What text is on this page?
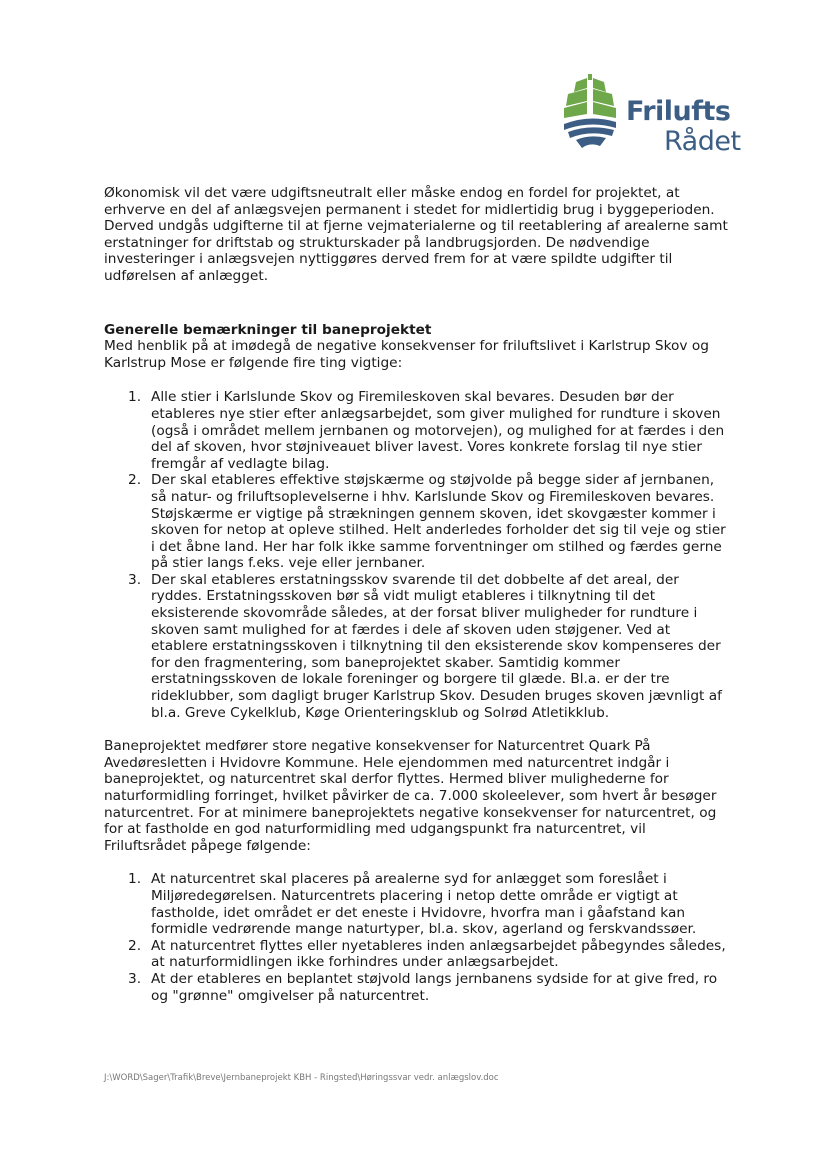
Frilufts
Rådet

Økonomisk vil det være udgiftsneutralt eller måske endog en fordel for projektet, at erhverve en del af anlægsvejen permanent i stedet for midlertidig brug i byggeperioden. Derved undgås udgifterne til at fjerne vejmaterialerne og til reetablering af arealerne samt erstatninger for driftstab og strukturskader på landbrugsjorden. De nødvendige investeringer i anlægsvejen nyttiggøres derved frem for at være spildte udgifter til udførelsen af anlægget.

Generelle bemærkninger til baneprojektet

Med henblik på at imødegå de negative konsekvenser for friluftslivet i Karlstrup Skov og Karlstrup Mose er følgende fire ting vigtige:

1. Alle stier i Karlslunde Skov og Firemileskoven skal bevares. Desuden bør der etableres nye stier efter anlægsarbejdet, som giver mulighed for rundture i skoven (også i området mellem jernbanen og motorvejen), og mulighed for at færdes i den del af skoven, hvor støjniveauet bliver lavest. Vores konkrete forslag til nye stier fremgår af vedlagte bilag.
2. Der skal etableres effektive støjskærme og støjvolde på begge sider af jernbanen, så natur- og friluftsoplevelserne i hhv. Karlslunde Skov og Firemileskoven bevares. Støjskærme er vigtige på strækningen gennem skoven, idet skovgæster kommer i skoven for netop at opleve stilhed. Helt anderledes forholder det sig til veje og stier i det åbne land. Her har folk ikke samme forventninger om stilhed og færdes gerne på stier langs f.eks. veje eller jernbaner.
3. Der skal etableres erstatningsskov svarende til det dobbelte af det areal, der ryddes. Erstatningsskoven bør så vidt muligt etableres i tilknytning til det eksisterende skovområde således, at der forsat bliver muligheder for rundture i skoven samt mulighed for at færdes i dele af skoven uden støjgener. Ved at etablere erstatningsskoven i tilknytning til den eksisterende skov kompenseres der for den fragmentering, som baneprojektet skaber. Samtidig kommer erstatningsskoven de lokale foreninger og borgere til glæde. Bl.a. er der tre rideklubber, som dagligt bruger Karlstrup Skov. Desuden bruges skoven jævnligt af bl.a. Greve Cykelklub, Køge Orienteringsklub og Solrød Atletikklub.

Baneprojektet medfører store negative konsekvenser for Naturcentret Quark På Avedøresletten i Hvidovre Kommune. Hele ejendommen med naturcentret indgår i baneprojektet, og naturcentret skal derfor flyttes. Hermed bliver mulighederne for naturformidling forringet, hvilket påvirker de ca. 7.000 skoleelever, som hvert år besøger naturcentret. For at minimere baneprojektets negative konsekvenser for naturcentret, og for at fastholde en god naturformidling med udgangspunkt fra naturcentret, vil Friluftsrådet påpege følgende:

1. At naturcentret skal placeres på arealerne syd for anlægget som foreslået i Miljøredegørelsen. Naturcentrets placering i netop dette område er vigtigt at fastholde, idet området er det eneste i Hvidovre, hvorfra man i gåafstand kan formidle vedrørende mange naturtyper, bl.a. skov, agerland og ferskvandssøer.
2. At naturcentret flyttes eller nyetableres inden anlægsarbejdet påbegyndes således, at naturformidlingen ikke forhindres under anlægsarbejdet.
3. At der etableres en beplantet støjvold langs jernbanens sydside for at give fred, ro og "grønne" omgivelser på naturcentret.
J:\WORD\Sager\Trafik\Breve\Jernbaneprojekt KBH - Ringsted\Høringssvar vedr. anlægslov.doc
